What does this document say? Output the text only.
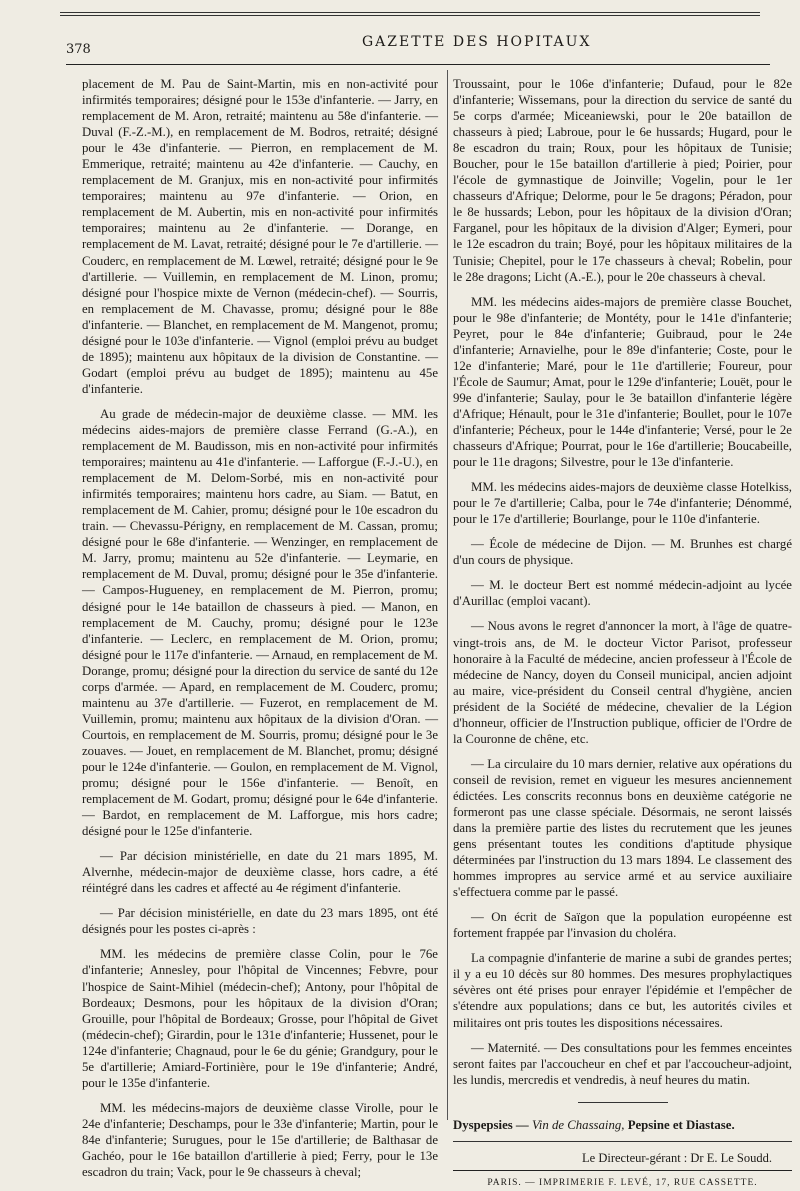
378	GAZETTE DES HOPITAUX

placement de M. Pau de Saint-Martin, mis en non-activité pour infirmités temporaires; désigné pour le 153e d'infanterie. — Jarry, en remplacement de M. Aron, retraité; maintenu au 58e d'infanterie. — Duval (F.-Z.-M.), en remplacement de M. Bodros, retraité; désigné pour le 43e d'infanterie. — Pierron, en remplacement de M. Emmerique, retraité; maintenu au 42e d'infanterie. — Cauchy, en remplacement de M. Granjux, mis en non-activité pour infirmités temporaires; maintenu au 97e d'infanterie. — Orion, en remplacement de M. Aubertin, mis en non-activité pour infirmités temporaires; maintenu au 2e d'infanterie. — Dorange, en remplacement de M. Lavat, retraité; désigné pour le 7e d'artillerie. — Couderc, en remplacement de M. Lœwel, retraité; désigné pour le 9e d'artillerie. — Vuillemin, en remplacement de M. Linon, promu; désigné pour l'hospice mixte de Vernon (médecin-chef). — Sourris, en remplacement de M. Chavasse, promu; désigné pour le 88e d'infanterie. — Blanchet, en remplacement de M. Mangenot, promu; désigné pour le 103e d'infanterie. — Vignol (emploi prévu au budget de 1895); maintenu aux hôpitaux de la division de Constantine. — Godart (emploi prévu au budget de 1895); maintenu au 45e d'infanterie.

Au grade de médecin-major de deuxième classe. — MM. les médecins aides-majors de première classe Ferrand (G.-A.), en remplacement de M. Baudisson, mis en non-activité pour infirmités temporaires; maintenu au 41e d'infanterie. — Lafforgue (F.-J.-U.), en remplacement de M. Delom-Sorbé, mis en non-activité pour infirmités temporaires; maintenu hors cadre, au Siam. — Batut, en remplacement de M. Cahier, promu; désigné pour le 10e escadron du train. — Chevassu-Périgny, en remplacement de M. Cassan, promu; désigné pour le 68e d'infanterie. — Wenzinger, en remplacement de M. Jarry, promu; maintenu au 52e d'infanterie. — Leymarie, en remplacement de M. Duval, promu; désigné pour le 35e d'infanterie. — Campos-Hugueney, en remplacement de M. Pierron, promu; désigné pour le 14e bataillon de chasseurs à pied. — Manon, en remplacement de M. Cauchy, promu; désigné pour le 123e d'infanterie. — Leclerc, en remplacement de M. Orion, promu; désigné pour le 117e d'infanterie. — Arnaud, en remplacement de M. Dorange, promu; désigné pour la direction du service de santé du 12e corps d'armée. — Apard, en remplacement de M. Couderc, promu; maintenu au 37e d'artillerie. — Fuzerot, en remplacement de M. Vuillemin, promu; maintenu aux hôpitaux de la division d'Oran. — Courtois, en remplacement de M. Sourris, promu; désigné pour le 3e zouaves. — Jouet, en remplacement de M. Blanchet, promu; désigné pour le 124e d'infanterie. — Goulon, en remplacement de M. Vignol, promu; désigné pour le 156e d'infanterie. — Benoît, en remplacement de M. Godart, promu; désigné pour le 64e d'infanterie. — Bardot, en remplacement de M. Lafforgue, mis hors cadre; désigné pour le 125e d'infanterie.

— Par décision ministérielle, en date du 21 mars 1895, M. Alvernhe, médecin-major de deuxième classe, hors cadre, a été réintégré dans les cadres et affecté au 4e régiment d'infanterie.

— Par décision ministérielle, en date du 23 mars 1895, ont été désignés pour les postes ci-après :

MM. les médecins de première classe Colin, pour le 76e d'infanterie; Annesley, pour l'hôpital de Vincennes; Febvre, pour l'hospice de Saint-Mihiel (médecin-chef); Antony, pour l'hôpital de Bordeaux; Desmons, pour les hôpitaux de la division d'Oran; Grouille, pour l'hôpital de Bordeaux; Grosse, pour l'hôpital de Givet (médecin-chef); Girardin, pour le 131e d'infanterie; Hussenet, pour le 124e d'infanterie; Chagnaud, pour le 6e du génie; Grandgury, pour le 5e d'artillerie; Amiard-Fortinière, pour le 19e d'infanterie; André, pour le 135e d'infanterie.

MM. les médecins-majors de deuxième classe Virolle, pour le 24e d'infanterie; Deschamps, pour le 33e d'infanterie; Martin, pour le 84e d'infanterie; Surugues, pour le 15e d'artillerie; de Balthasar de Gachéo, pour le 16e bataillon d'artillerie à pied; Ferry, pour le 13e escadron du train; Vack, pour le 9e chasseurs à cheval;

Troussaint, pour le 106e d'infanterie; Dufaud, pour le 82e d'infanterie; Wissemans, pour la direction du service de santé du 5e corps d'armée; Miceaniewski, pour le 20e bataillon de chasseurs à pied; Labroue, pour le 6e hussards; Hugard, pour le 8e escadron du train; Roux, pour les hôpitaux de Tunisie; Boucher, pour le 15e bataillon d'artillerie à pied; Poirier, pour l'école de gymnastique de Joinville; Vogelin, pour le 1er chasseurs d'Afrique; Delorme, pour le 5e dragons; Péradon, pour le 8e hussards; Lebon, pour les hôpitaux de la division d'Oran; Farganel, pour les hôpitaux de la division d'Alger; Eymeri, pour le 12e escadron du train; Boyé, pour les hôpitaux militaires de la Tunisie; Chepitel, pour le 17e chasseurs à cheval; Robelin, pour le 28e dragons; Licht (A.-E.), pour le 20e chasseurs à cheval.

MM. les médecins aides-majors de première classe Bouchet, pour le 98e d'infanterie; de Montéty, pour le 141e d'infanterie; Peyret, pour le 84e d'infanterie; Guibraud, pour le 24e d'infanterie; Arnavielhe, pour le 89e d'infanterie; Coste, pour le 12e d'infanterie; Maré, pour le 11e d'artillerie; Foureur, pour l'École de Saumur; Amat, pour le 129e d'infanterie; Louët, pour le 99e d'infanterie; Saulay, pour le 3e bataillon d'infanterie légère d'Afrique; Hénault, pour le 31e d'infanterie; Boullet, pour le 107e d'infanterie; Pécheux, pour le 144e d'infanterie; Versé, pour le 2e chasseurs d'Afrique; Pourrat, pour le 16e d'artillerie; Boucabeille, pour le 11e dragons; Silvestre, pour le 13e d'infanterie.

MM. les médecins aides-majors de deuxième classe Hotelkiss, pour le 7e d'artillerie; Calba, pour le 74e d'infanterie; Dénommé, pour le 17e d'artillerie; Bourlange, pour le 110e d'infanterie.

— École de médecine de Dijon. — M. Brunhes est chargé d'un cours de physique.

— M. le docteur Bert est nommé médecin-adjoint au lycée d'Aurillac (emploi vacant).

— Nous avons le regret d'annoncer la mort, à l'âge de quatre-vingt-trois ans, de M. le docteur Victor Parisot, professeur honoraire à la Faculté de médecine, ancien professeur à l'École de médecine de Nancy, doyen du Conseil municipal, ancien adjoint au maire, vice-président du Conseil central d'hygiène, ancien président de la Société de médecine, chevalier de la Légion d'honneur, officier de l'Instruction publique, officier de l'Ordre de la Couronne de chêne, etc.

— La circulaire du 10 mars dernier, relative aux opérations du conseil de revision, remet en vigueur les mesures anciennement édictées. Les conscrits reconnus bons en deuxième catégorie ne formeront pas une classe spéciale. Désormais, ne seront laissés dans la première partie des listes du recrutement que les jeunes gens présentant toutes les conditions d'aptitude physique déterminées par l'instruction du 13 mars 1894. Le classement des hommes impropres au service armé et au service auxiliaire s'effectuera comme par le passé.

— On écrit de Saïgon que la population européenne est fortement frappée par l'invasion du choléra.

La compagnie d'infanterie de marine a subi de grandes pertes; il y a eu 10 décès sur 80 hommes. Des mesures prophylactiques sévères ont été prises pour enrayer l'épidémie et l'empêcher de s'étendre aux populations; dans ce but, les autorités civiles et militaires ont pris toutes les dispositions nécessaires.

— Maternité. — Des consultations pour les femmes enceintes seront faites par l'accoucheur en chef et par l'accoucheur-adjoint, les lundis, mercredis et vendredis, à neuf heures du matin.

Dyspepsies — Vin de Chassaing, Pepsine et Diastase.
Le Directeur-gérant : Dr E. Le Soudd.
PARIS. — IMPRIMERIE F. LEVÉ, 17, RUE CASSETTE.
